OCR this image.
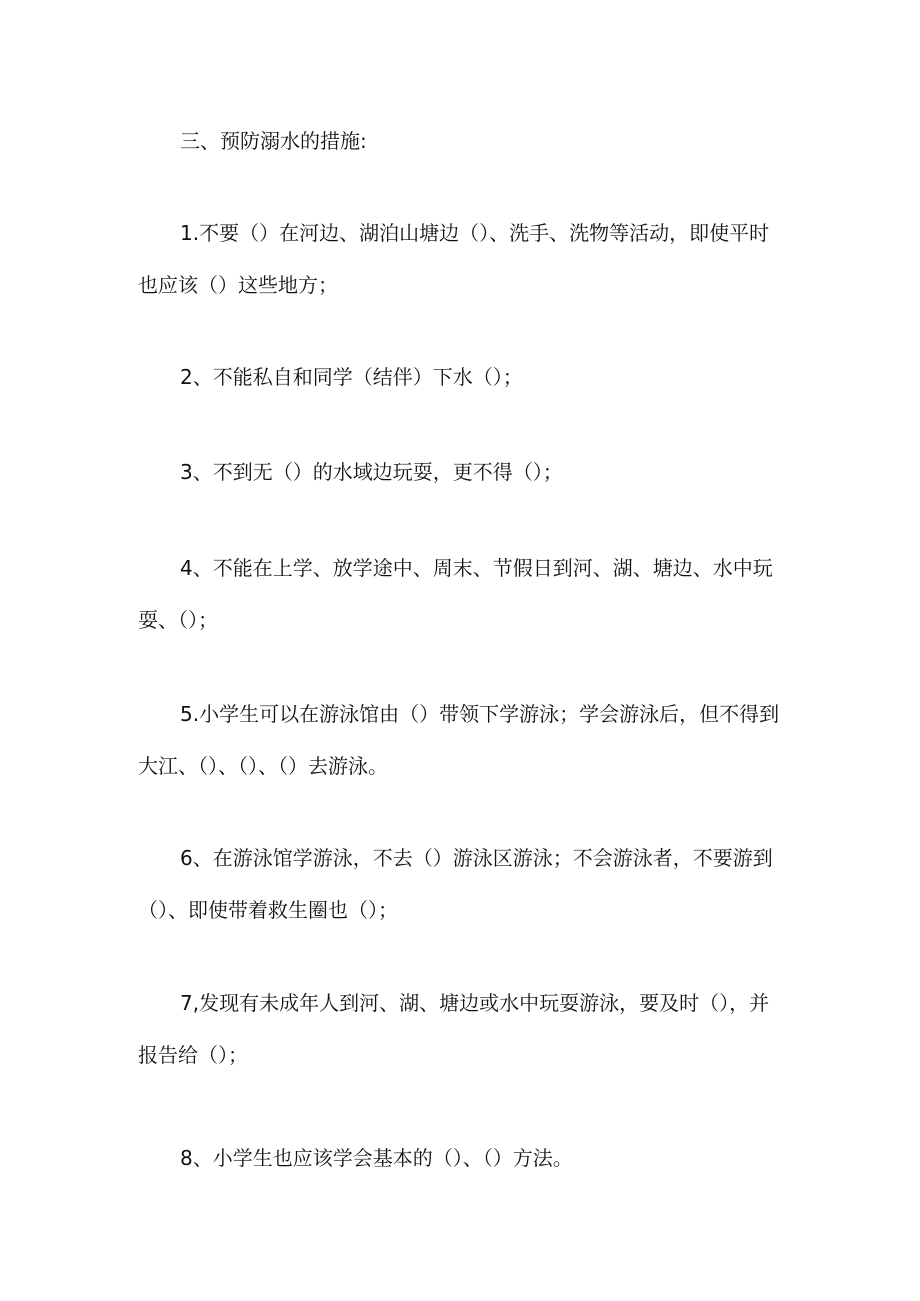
三、预防溺水的措施:
1.不要（）在河边、湖泊山塘边（）、洗手、洗物等活动，即使平时也应该（）这些地方；
2、不能私自和同学（结伴）下水（）；
3、不到无（）的水域边玩耍，更不得（）；
4、不能在上学、放学途中、周末、节假日到河、湖、塘边、水中玩耍、（）；
5.小学生可以在游泳馆由（）带领下学游泳；学会游泳后，但不得到大江、（）、（）、（）去游泳。
6、在游泳馆学游泳，不去（）游泳区游泳；不会游泳者，不要游到（）、即使带着救生圈也（）；
7,发现有未成年人到河、湖、塘边或水中玩耍游泳，要及时（），并报告给（）；
8、小学生也应该学会基本的（）、（）方法。
